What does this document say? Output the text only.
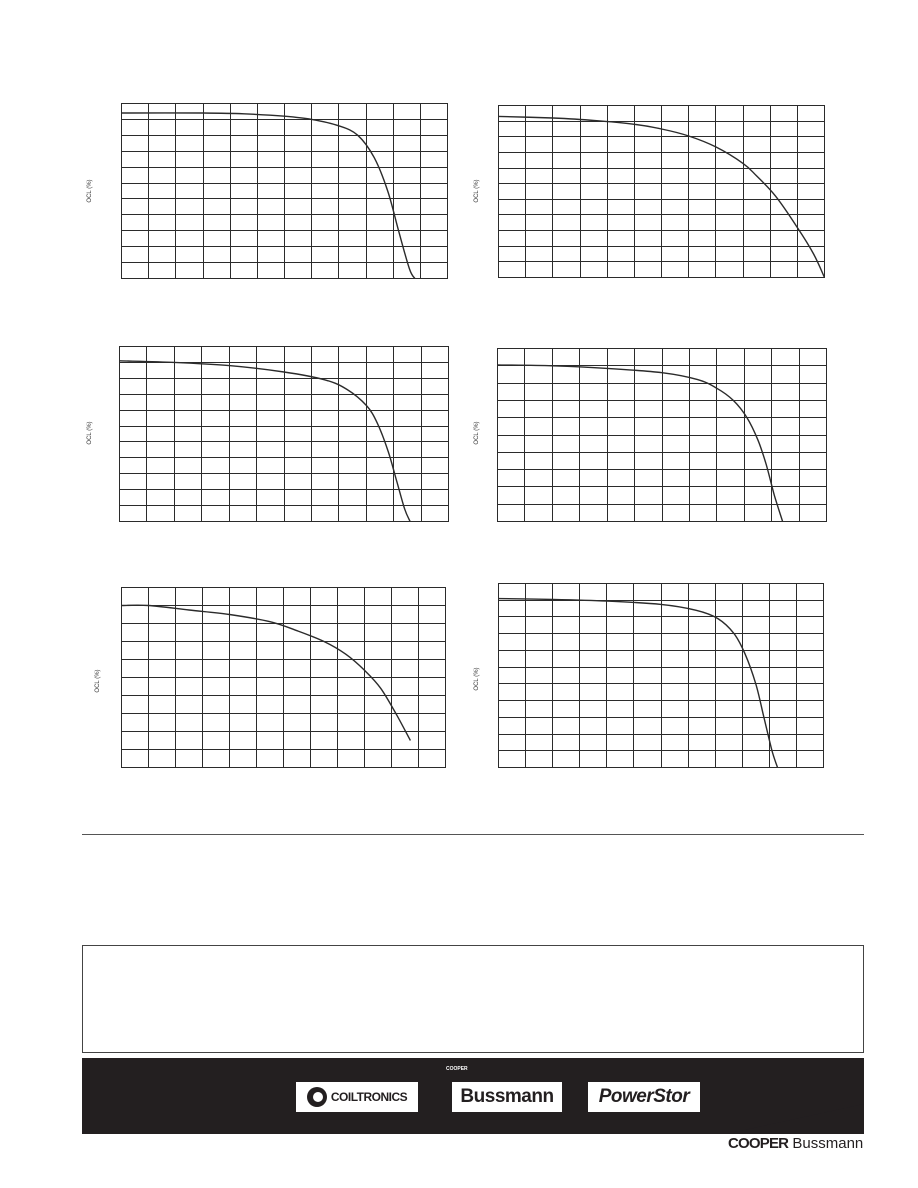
OCL (%)	OCL (%)
OCL (%)	OCL (%)
OCL (%)	OCL (%)
COOPER
COILTRONICS	Bussmann PowerStor
COOPER Bussmann
